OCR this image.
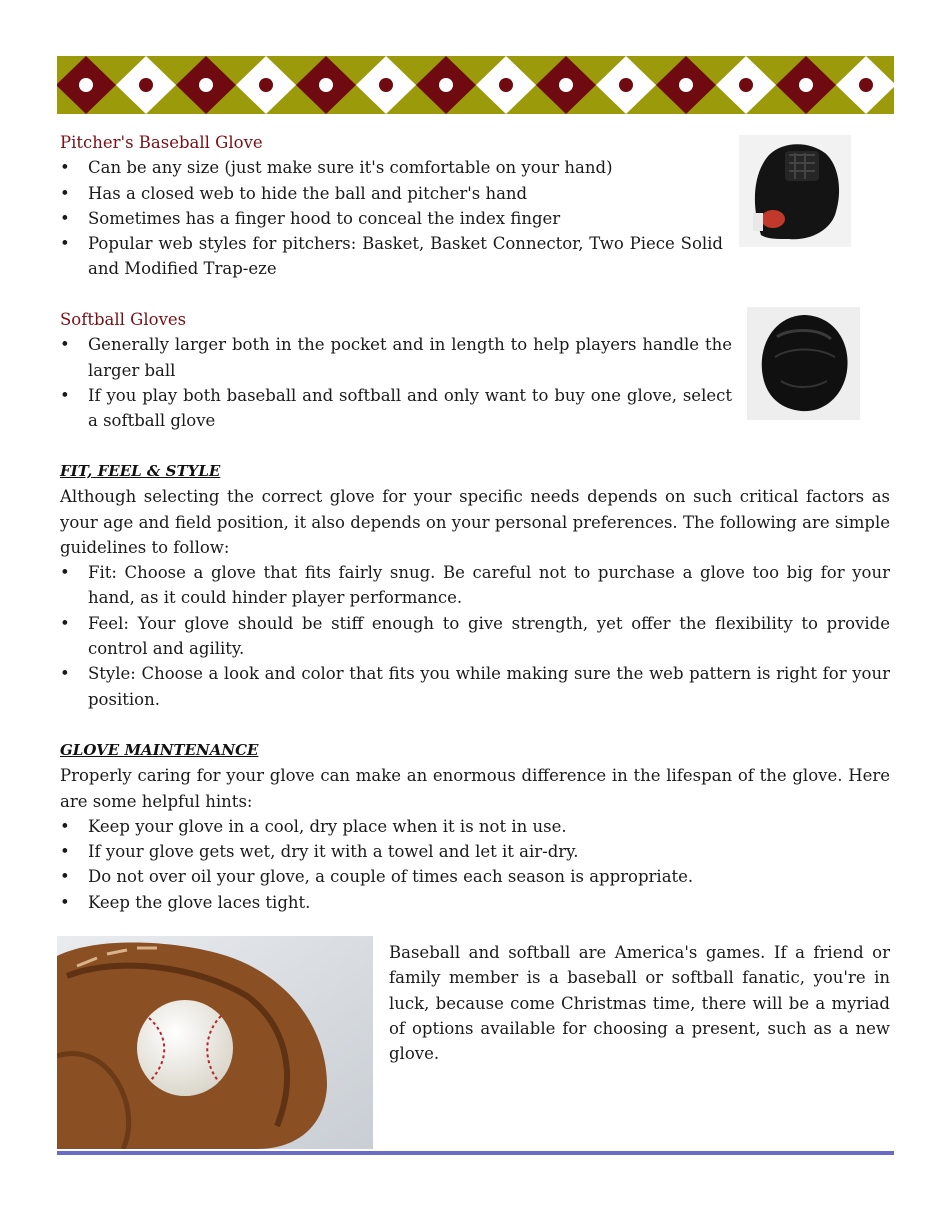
Pitcher's Baseball Glove
• Can be any size (just make sure it's comfortable on your hand)
• Has a closed web to hide the ball and pitcher's hand
• Sometimes has a finger hood to conceal the index finger
• Popular web styles for pitchers: Basket, Basket Connector, Two Piece Solid and Modified Trap-eze
Softball Gloves
• Generally larger both in the pocket and in length to help players handle the larger ball
• If you play both baseball and softball and only want to buy one glove, select a softball glove
FIT, FEEL & STYLE

Although selecting the correct glove for your specific needs depends on such critical factors as your age and field position, it also depends on your personal preferences. The following are simple guidelines to follow:

• Fit: Choose a glove that fits fairly snug. Be careful not to purchase a glove too big for your hand, as it could hinder player performance.
• Feel: Your glove should be stiff enough to give strength, yet offer the flexibility to provide control and agility.
• Style: Choose a look and color that fits you while making sure the web pattern is right for your position.
GLOVE MAINTENANCE

Properly caring for your glove can make an enormous difference in the lifespan of the glove. Here are some helpful hints:

• Keep your glove in a cool, dry place when it is not in use.
• If your glove gets wet, dry it with a towel and let it air-dry.
• Do not over oil your glove, a couple of times each season is appropriate.
• Keep the glove laces tight.

Baseball and softball are America's games. If a friend or family member is a baseball or softball fanatic, you're in luck, because come Christmas time, there will be a myriad of options available for choosing a present, such as a new glove.
